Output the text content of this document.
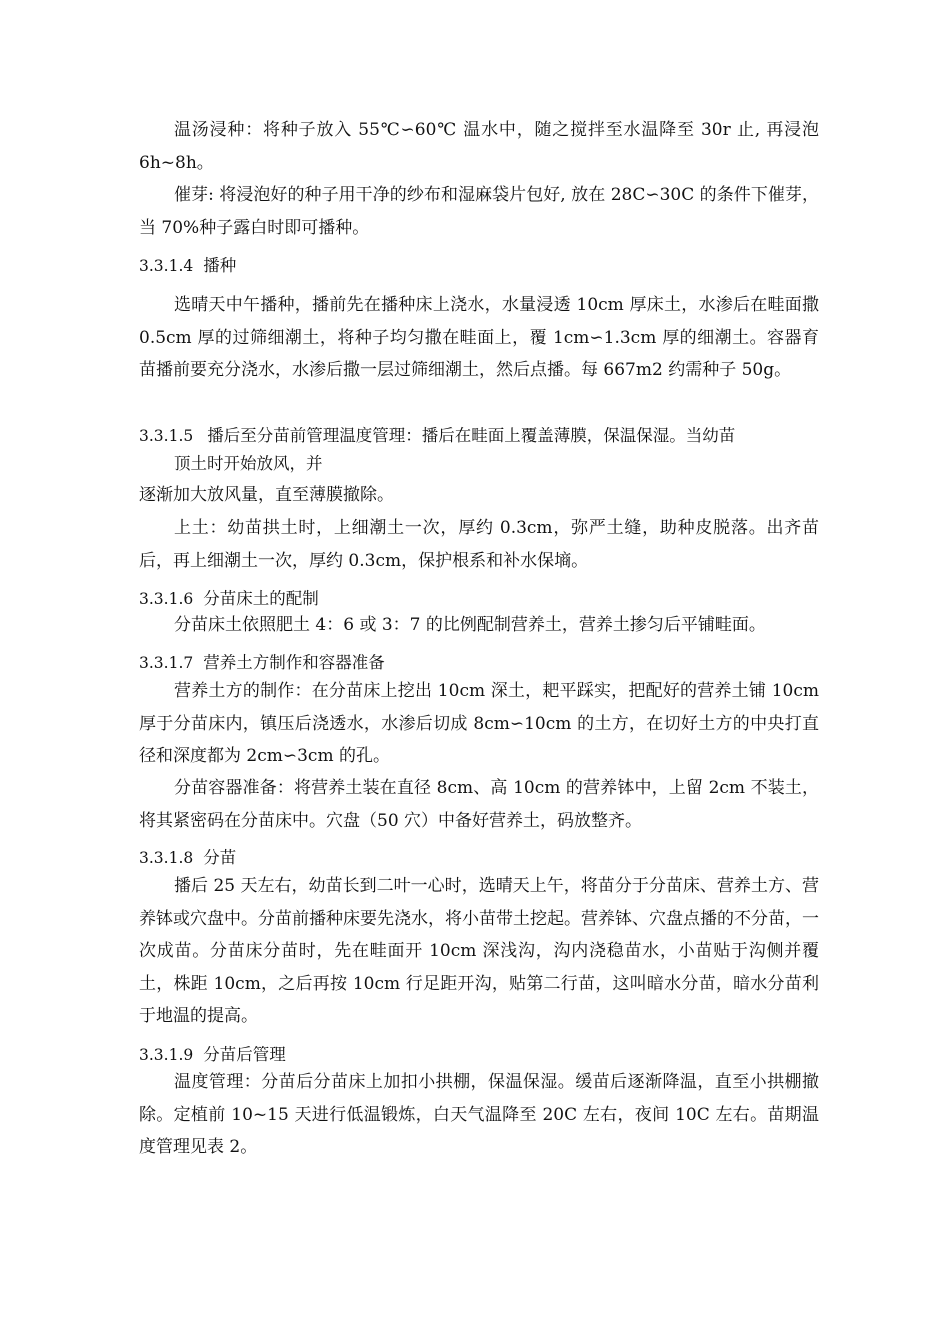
温汤浸种：将种子放入 55℃∽60℃ 温水中，随之搅拌至水温降至 30r 止, 再浸泡 6h~8h。

催芽: 将浸泡好的种子用干净的纱布和湿麻袋片包好, 放在 28C∽30C 的条件下催芽，当 70%种子露白时即可播种。

3.3.1.4 播种

选晴天中午播种，播前先在播种床上浇水，水量浸透 10cm 厚床土，水渗后在畦面撒 0.5cm 厚的过筛细潮土，将种子均匀撒在畦面上，覆 1cm∽1.3cm 厚的细潮土。容器育苗播前要充分浇水，水渗后撒一层过筛细潮土，然后点播。每 667m2 约需种子 50g。

3.3.1.5 播后至分苗前管理温度管理：播后在畦面上覆盖薄膜，保温保湿。当幼苗
顶土时开始放风，并

逐渐加大放风量，直至薄膜撤除。

上土：幼苗拱土时，上细潮土一次，厚约 0.3cm，弥严土缝，助种皮脱落。出齐苗后，再上细潮土一次，厚约 0.3cm，保护根系和补水保墒。

3.3.1.6 分苗床土的配制

分苗床土依照肥土 4：6 或 3：7 的比例配制营养土，营养土掺匀后平铺畦面。

3.3.1.7 营养土方制作和容器准备

营养土方的制作：在分苗床上挖出 10cm 深土，耙平踩实，把配好的营养土铺 10cm 厚于分苗床内，镇压后浇透水，水渗后切成 8cm∽10cm 的土方，在切好土方的中央打直径和深度都为 2cm∽3cm 的孔。

分苗容器准备：将营养土装在直径 8cm、高 10cm 的营养钵中，上留 2cm 不装土，将其紧密码在分苗床中。穴盘（50 穴）中备好营养土，码放整齐。

3.3.1.8 分苗

播后 25 天左右，幼苗长到二叶一心时，选晴天上午，将苗分于分苗床、营养土方、营养钵或穴盘中。分苗前播种床要先浇水，将小苗带土挖起。营养钵、穴盘点播的不分苗，一次成苗。分苗床分苗时，先在畦面开 10cm 深浅沟，沟内浇稳苗水，小苗贴于沟侧并覆土，株距 10cm，之后再按 10cm 行足距开沟，贴第二行苗，这叫暗水分苗，暗水分苗利于地温的提高。

3.3.1.9 分苗后管理

温度管理：分苗后分苗床上加扣小拱棚，保温保湿。缓苗后逐渐降温，直至小拱棚撤除。定植前 10~15 天进行低温锻炼，白天气温降至 20C 左右，夜间 10C 左右。苗期温度管理见表 2。
